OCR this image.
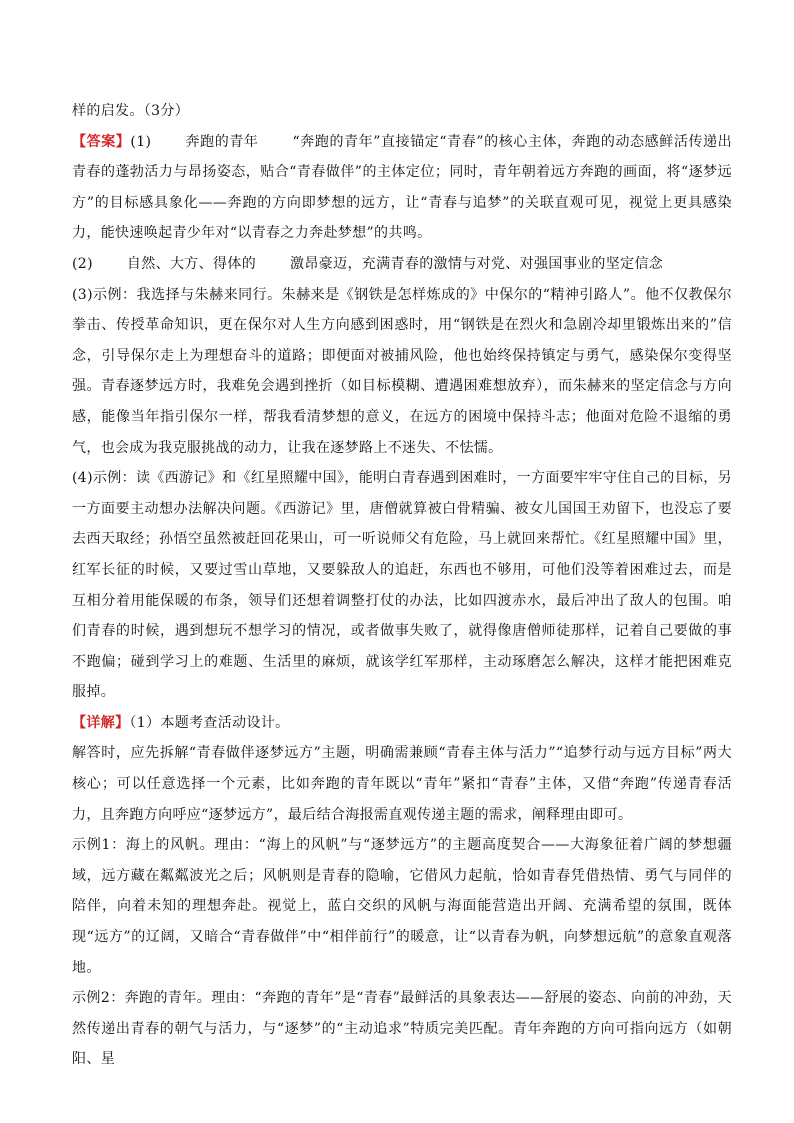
样的启发。（3分）

【答案】(1) 奔跑的青年 “奔跑的青年”直接锚定“青春”的核心主体，奔跑的动态感鲜活传递出青春的蓬勃活力与昂扬姿态，贴合“青春做伴”的主体定位；同时，青年朝着远方奔跑的画面，将“逐梦远方”的目标感具象化——奔跑的方向即梦想的远方，让“青春与追梦”的关联直观可见，视觉上更具感染力，能快速唤起青少年对“以青春之力奔赴梦想”的共鸣。

(2) 自然、大方、得体的 激昂豪迈，充满青春的激情与对党、对强国事业的坚定信念

(3)示例：我选择与朱赫来同行。朱赫来是《钢铁是怎样炼成的》中保尔的“精神引路人”。他不仅教保尔拳击、传授革命知识，更在保尔对人生方向感到困惑时，用“钢铁是在烈火和急剧冷却里锻炼出来的”信念，引导保尔走上为理想奋斗的道路；即便面对被捕风险，他也始终保持镇定与勇气，感染保尔变得坚强。青春逐梦远方时，我难免会遇到挫折（如目标模糊、遭遇困难想放弃），而朱赫来的坚定信念与方向感，能像当年指引保尔一样，帮我看清梦想的意义，在远方的困境中保持斗志；他面对危险不退缩的勇气，也会成为我克服挑战的动力，让我在逐梦路上不迷失、不怯懦。

(4)示例：读《西游记》和《红星照耀中国》，能明白青春遇到困难时，一方面要牢牢守住自己的目标，另一方面要主动想办法解决问题。《西游记》里，唐僧就算被白骨精骗、被女儿国国王劝留下，也没忘了要去西天取经；孙悟空虽然被赶回花果山，可一听说师父有危险，马上就回来帮忙。《红星照耀中国》里，红军长征的时候，又要过雪山草地，又要躲敌人的追赶，东西也不够用，可他们没等着困难过去，而是互相分着用能保暖的布条，领导们还想着调整打仗的办法，比如四渡赤水，最后冲出了敌人的包围。咱们青春的时候，遇到想玩不想学习的情况，或者做事失败了，就得像唐僧师徒那样，记着自己要做的事不跑偏；碰到学习上的难题、生活里的麻烦，就该学红军那样，主动琢磨怎么解决，这样才能把困难克服掉。

【详解】（1）本题考查活动设计。

解答时，应先拆解“青春做伴逐梦远方”主题，明确需兼顾“青春主体与活力”“追梦行动与远方目标”两大核心；可以任意选择一个元素，比如奔跑的青年既以“青年”紧扣“青春”主体，又借“奔跑”传递青春活力，且奔跑方向呼应“逐梦远方”，最后结合海报需直观传递主题的需求，阐释理由即可。

示例1：海上的风帆。理由：“海上的风帆”与“逐梦远方”的主题高度契合——大海象征着广阔的梦想疆域，远方藏在粼粼波光之后；风帆则是青春的隐喻，它借风力起航，恰如青春凭借热情、勇气与同伴的陪伴，向着未知的理想奔赴。视觉上，蓝白交织的风帆与海面能营造出开阔、充满希望的氛围，既体现“远方”的辽阔，又暗合“青春做伴”中“相伴前行”的暖意，让“以青春为帆，向梦想远航”的意象直观落地。

示例2：奔跑的青年。理由：“奔跑的青年”是“青春”最鲜活的具象表达——舒展的姿态、向前的冲劲，天然传递出青春的朝气与活力，与“逐梦”的“主动追求”特质完美匹配。青年奔跑的方向可指向远方（如朝阳、星
